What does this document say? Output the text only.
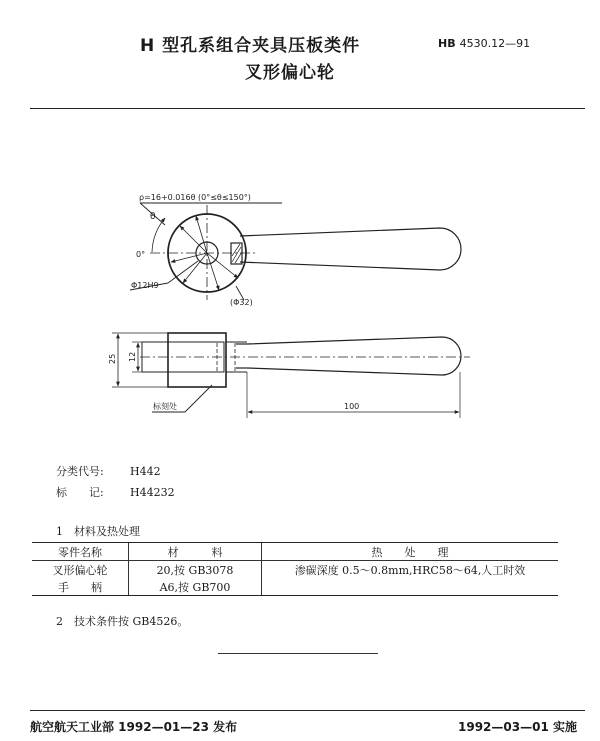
H 型孔系组合夹具压板类件
叉形偏心轮
HB 4530.12—91
ρ=16+0.016θ (0°≤θ≤150°)
θ
0°
Φ12H9
(Φ32)
25 12
标刻处	100
分类代号: H442
标　　记: H44232
1　材料及热处理
零件名称	材　　　料	热　　处　　理
叉形偏心轮	20,按 GB3078	渗碳深度 0.5～0.8mm,HRC58～64,人工时效
手　　柄	A6,按 GB700	
2　技术条件按 GB4526。
航空航天工业部 1992—01—23 发布	1992—03—01 实施
